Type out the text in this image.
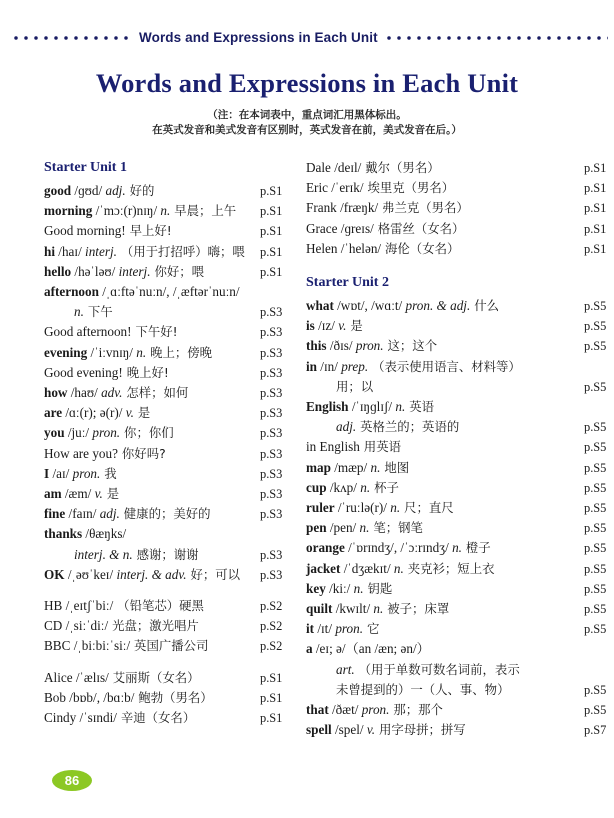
Words and Expressions in Each Unit
Words and Expressions in Each Unit
（注：在本词表中，重点词汇用黑体标出。
在英式发音和美式发音有区别时，英式发音在前，美式发音在后。）
Starter Unit 1
good /ɡʊd/ adj. 好的	p.S1
morning /ˈmɔː(r)nɪŋ/ n. 早晨；上午	p.S1
Good morning! 早上好!	p.S1
hi /haɪ/ interj. （用于打招呼）嗨；喂	p.S1
hello /həˈləʊ/ interj. 你好；喂	p.S1
afternoon /ˌɑːftəˈnuːn/, /ˌæftərˈnuːn/
n. 下午	p.S3
Good afternoon! 下午好!	p.S3
evening /ˈiːvnɪŋ/ n. 晚上；傍晚	p.S3
Good evening! 晚上好!	p.S3
how /haʊ/ adv. 怎样；如何	p.S3
are /ɑː(r); ə(r)/ v. 是	p.S3
you /juː/ pron. 你；你们	p.S3
How are you? 你好吗?	p.S3
I /aɪ/ pron. 我	p.S3
am /æm/ v. 是	p.S3
fine /faɪn/ adj. 健康的；美好的	p.S3
thanks /θæŋks/
interj. & n. 感谢；谢谢	p.S3
OK /ˌəʊˈkeɪ/ interj. & adv. 好；可以	p.S3
HB /ˌeɪtʃˈbiː/ （铅笔芯）硬黑	p.S2
CD /ˌsiːˈdiː/ 光盘；激光唱片	p.S2
BBC /ˌbiːbiːˈsiː/ 英国广播公司	p.S2
Alice /ˈælɪs/ 艾丽斯（女名）	p.S1
Bob /bɒb/, /bɑːb/ 鲍勃（男名）	p.S1
Cindy /ˈsɪndi/ 辛迪（女名）	p.S1
Dale /deɪl/ 戴尔（男名）	p.S1
Eric /ˈerɪk/ 埃里克（男名）	p.S1
Frank /fræŋk/ 弗兰克（男名）	p.S1
Grace /ɡreɪs/ 格雷丝（女名）	p.S1
Helen /ˈhelən/ 海伦（女名）	p.S1
Starter Unit 2
what /wɒt/, /wɑːt/ pron. & adj. 什么	p.S5
is /ɪz/ v. 是	p.S5
this /ðɪs/ pron. 这；这个	p.S5
in /ɪn/ prep. （表示使用语言、材料等）
用；以	p.S5
English /ˈɪŋɡlɪʃ/ n. 英语
adj. 英格兰的；英语的	p.S5
in English 用英语	p.S5
map /mæp/ n. 地图	p.S5
cup /kʌp/ n. 杯子	p.S5
ruler /ˈruːlə(r)/ n. 尺；直尺	p.S5
pen /pen/ n. 笔；钢笔	p.S5
orange /ˈɒrɪndʒ/, /ˈɔːrɪndʒ/ n. 橙子	p.S5
jacket /ˈdʒækɪt/ n. 夹克衫；短上衣	p.S5
key /kiː/ n. 钥匙	p.S5
quilt /kwɪlt/ n. 被子；床罩	p.S5
it /ɪt/ pron. 它	p.S5
a /eɪ; ə/（an /æn; ən/）
art. （用于单数可数名词前，表示
未曾提到的）一（人、事、物）	p.S5
that /ðæt/ pron. 那；那个	p.S5
spell /spel/ v. 用字母拼；拼写	p.S7
86
